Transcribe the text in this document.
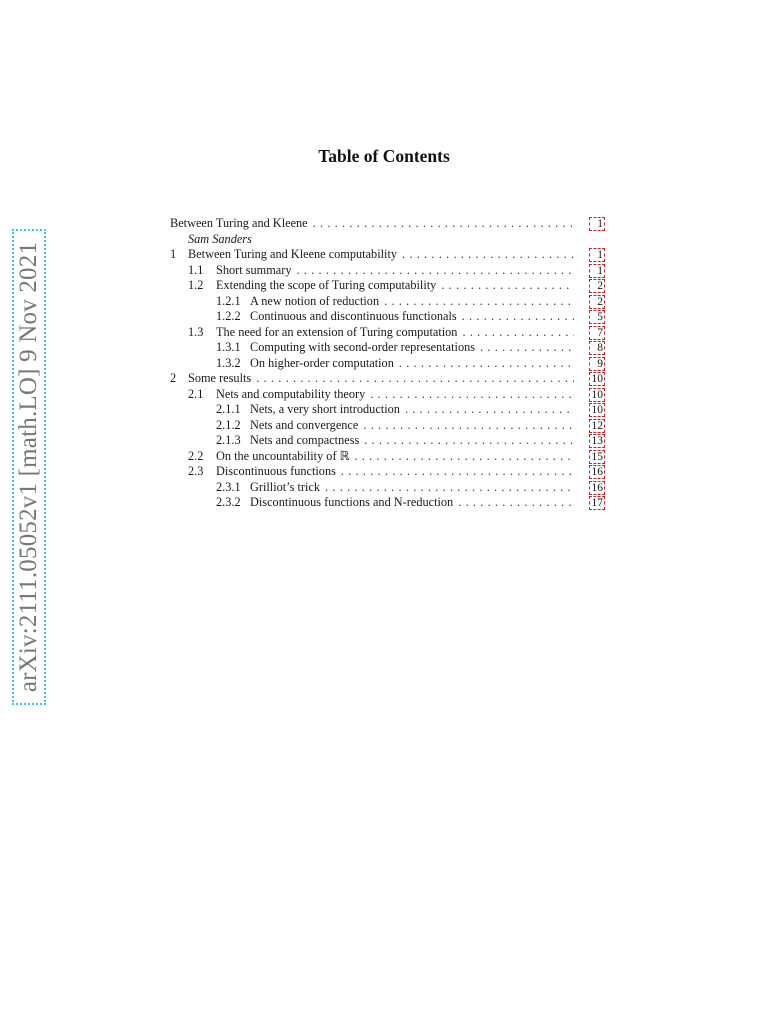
arXiv:2111.05052v1 [math.LO] 9 Nov 2021
Table of Contents
Between Turing and Kleene . . .	1
Sam Sanders
1 Between Turing and Kleene computability . . .	1
1.1 Short summary . . .	1
1.2 Extending the scope of Turing computability . . .	2
1.2.1 A new notion of reduction . . .	2
1.2.2 Continuous and discontinuous functionals . . .	5
1.3 The need for an extension of Turing computation . . .	7
1.3.1 Computing with second-order representations . . .	8
1.3.2 On higher-order computation . . .	9
2 Some results . . .	10
2.1 Nets and computability theory . . .	10
2.1.1 Nets, a very short introduction . . .	10
2.1.2 Nets and convergence . . .	12
2.1.3 Nets and compactness . . .	13
2.2 On the uncountability of ℝ . . .	15
2.3 Discontinuous functions . . .	16
2.3.1 Grilliot’s trick . . .	16
2.3.2 Discontinuous functions and N-reduction . . .	17
